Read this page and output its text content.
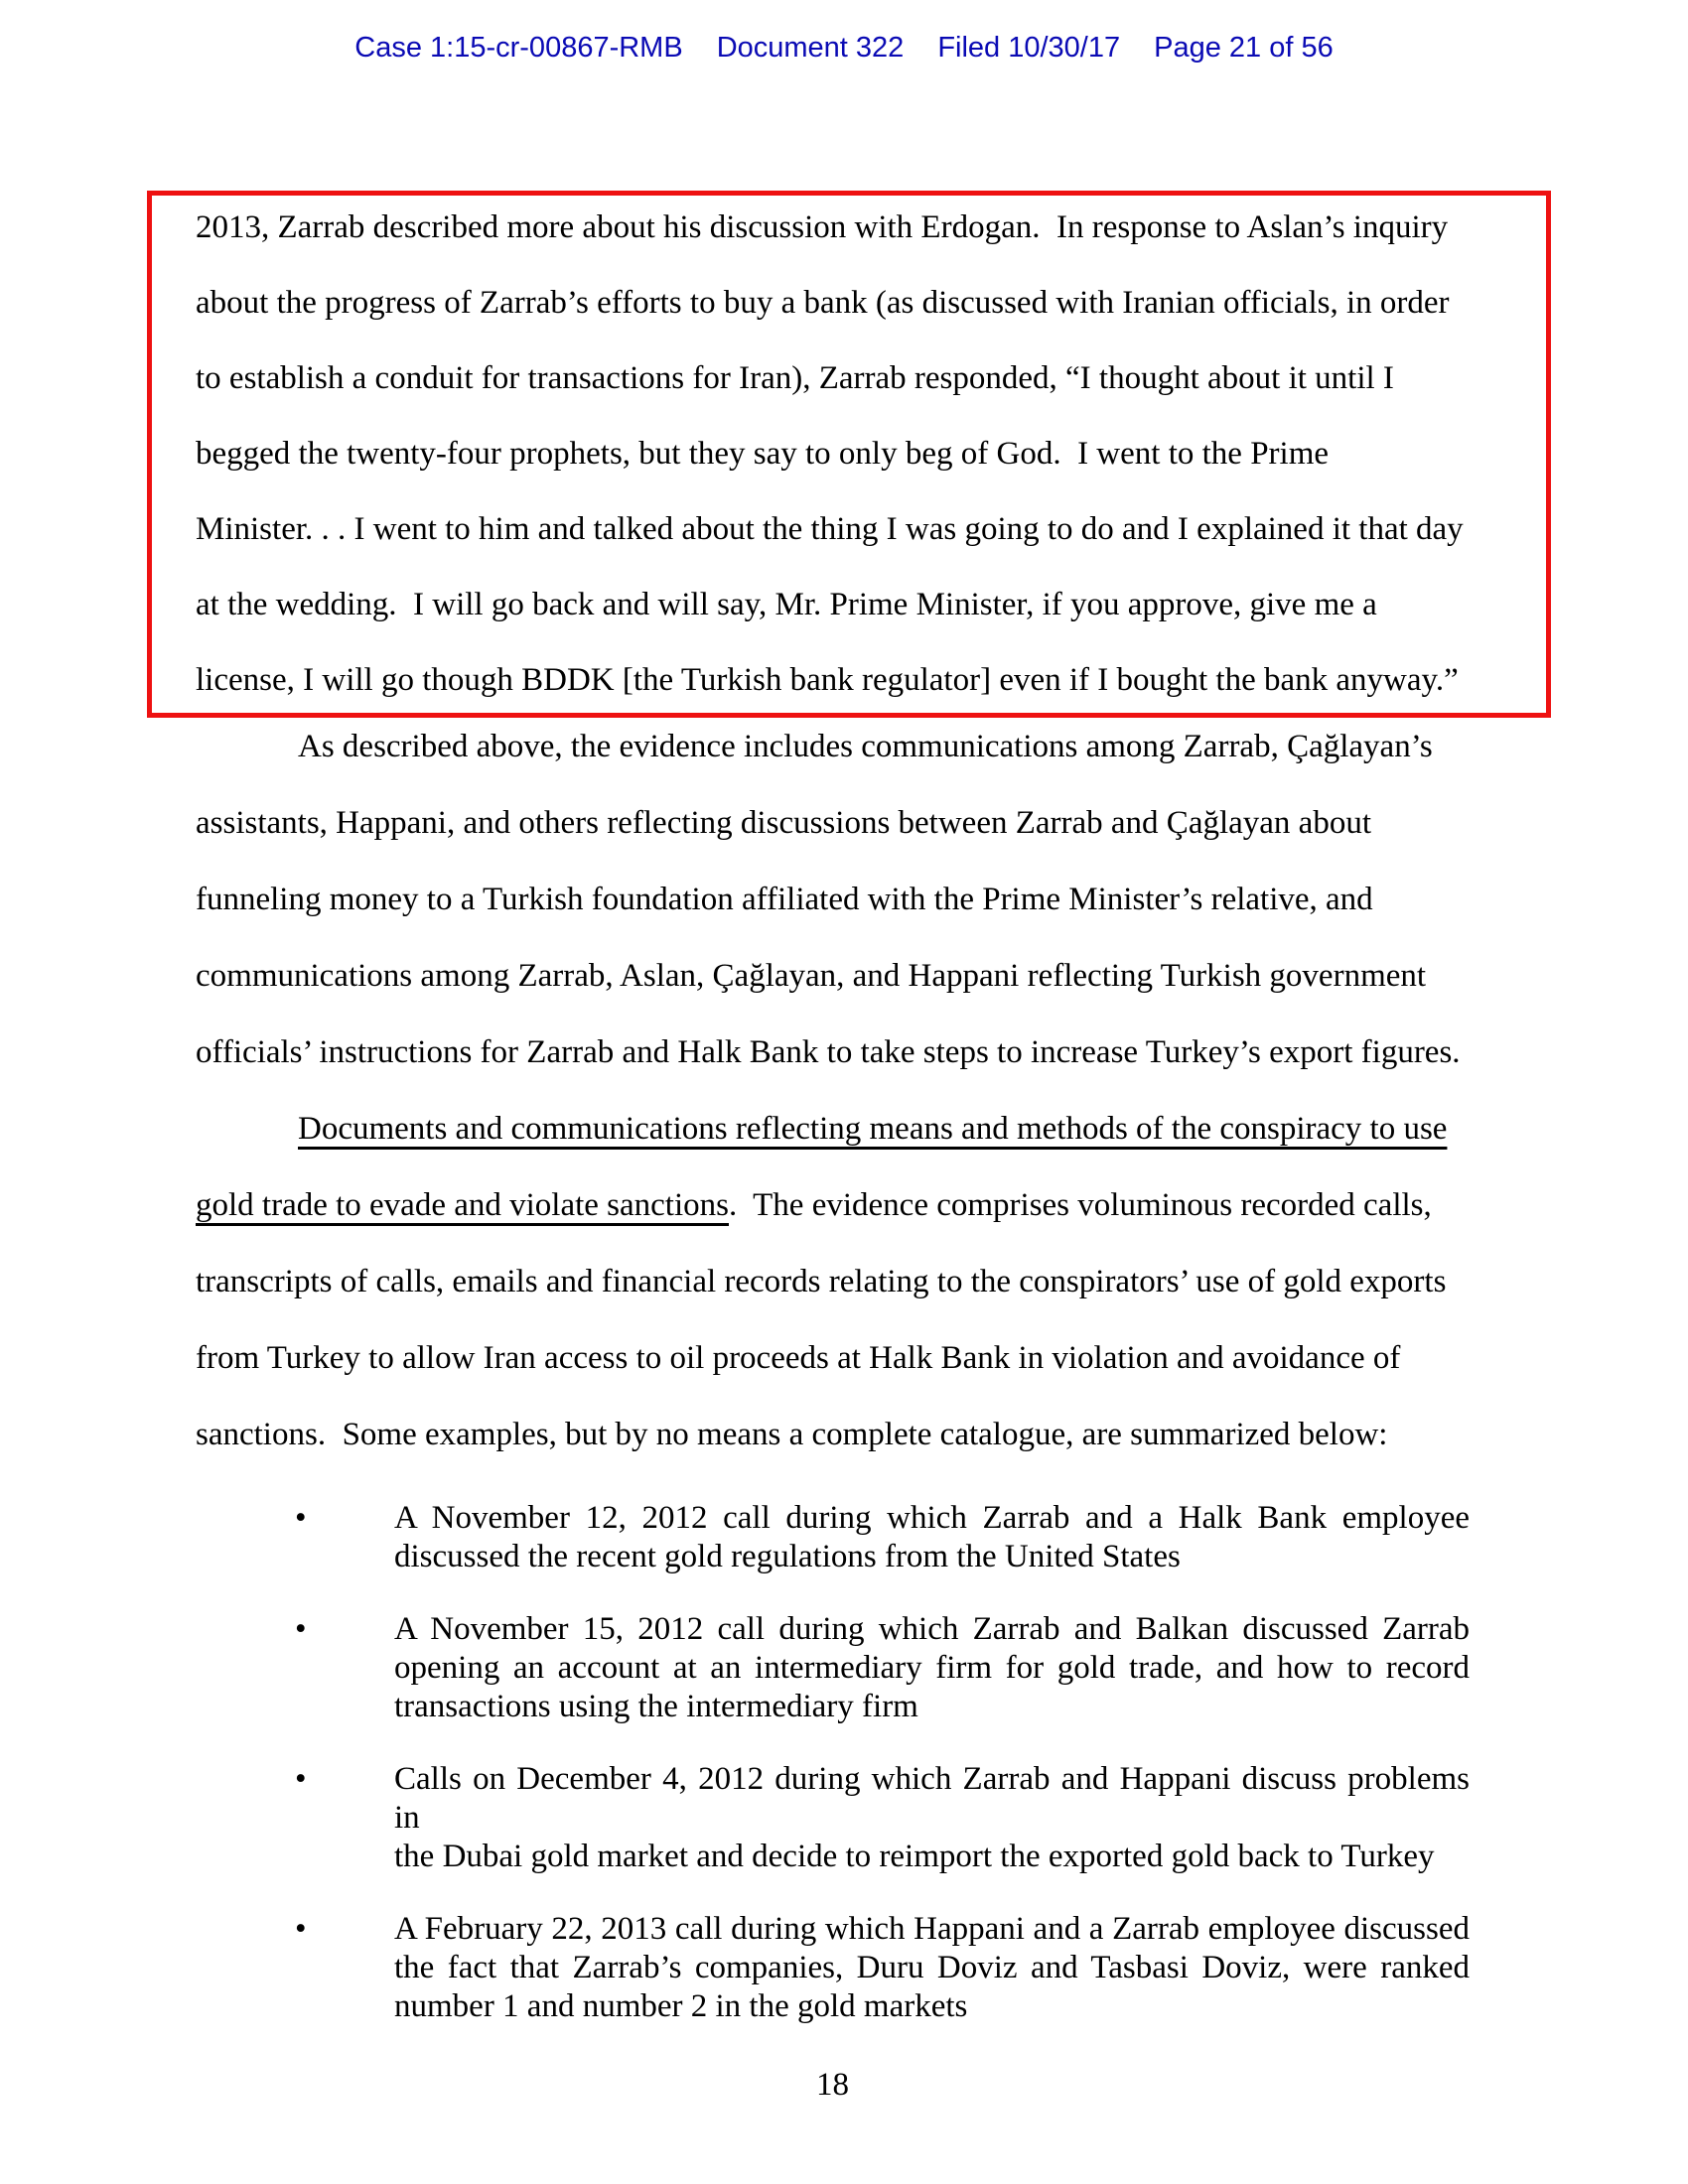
Case 1:15-cr-00867-RMB Document 322 Filed 10/30/17 Page 21 of 56
2013, Zarrab described more about his discussion with Erdogan.  In response to Aslan’s inquiry
about the progress of Zarrab’s efforts to buy a bank (as discussed with Iranian officials, in order
to establish a conduit for transactions for Iran), Zarrab responded, “I thought about it until I
begged the twenty-four prophets, but they say to only beg of God.  I went to the Prime
Minister. . . I went to him and talked about the thing I was going to do and I explained it that day
at the wedding.  I will go back and will say, Mr. Prime Minister, if you approve, give me a
license, I will go though BDDK [the Turkish bank regulator] even if I bought the bank anyway.”
As described above, the evidence includes communications among Zarrab, Çağlayan’s
assistants, Happani, and others reflecting discussions between Zarrab and Çağlayan about
funneling money to a Turkish foundation affiliated with the Prime Minister’s relative, and
communications among Zarrab, Aslan, Çağlayan, and Happani reflecting Turkish government
officials’ instructions for Zarrab and Halk Bank to take steps to increase Turkey’s export figures.
Documents and communications reflecting means and methods of the conspiracy to use
gold trade to evade and violate sanctions.  The evidence comprises voluminous recorded calls,
transcripts of calls, emails and financial records relating to the conspirators’ use of gold exports
from Turkey to allow Iran access to oil proceeds at Halk Bank in violation and avoidance of
sanctions.  Some examples, but by no means a complete catalogue, are summarized below:
•	A November 12, 2012 call during which Zarrab and a Halk Bank employee
discussed the recent gold regulations from the United States
•	A November 15, 2012 call during which Zarrab and Balkan discussed Zarrab
opening an account at an intermediary firm for gold trade, and how to record
transactions using the intermediary firm
•	Calls on December 4, 2012 during which Zarrab and Happani discuss problems in
the Dubai gold market and decide to reimport the exported gold back to Turkey
•	A February 22, 2013 call during which Happani and a Zarrab employee discussed
the fact that Zarrab’s companies, Duru Doviz and Tasbasi Doviz, were ranked
number 1 and number 2 in the gold markets
18
